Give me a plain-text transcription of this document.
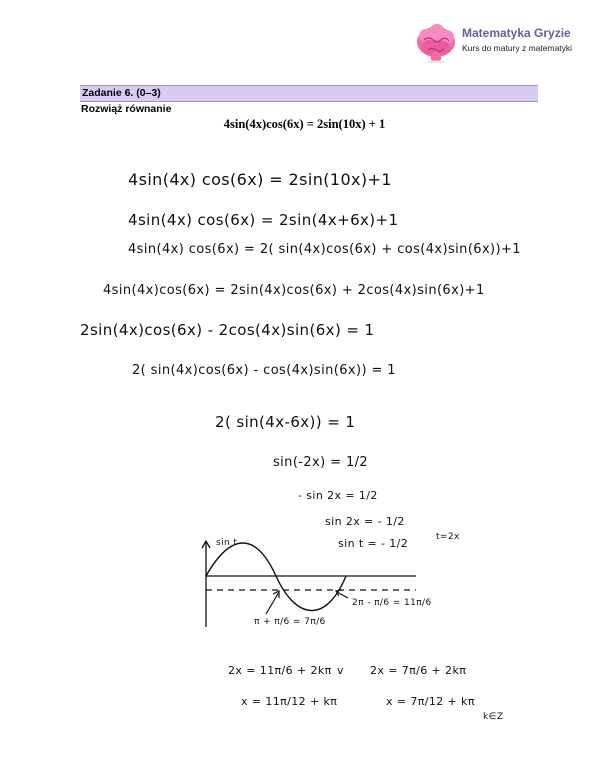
Matematyka Gryzie
Kurs do matury z matematyki
Zadanie 6. (0–3)
Rozwiąż równanie
4sin(4x)cos(6x) = 2sin(10x) + 1
4sin(4x) cos(6x) = 2sin(10x)+1
4sin(4x) cos(6x) = 2sin(4x+6x)+1
4sin(4x) cos(6x) = 2( sin(4x)cos(6x) + cos(4x)sin(6x))+1
4sin(4x)cos(6x) = 2sin(4x)cos(6x) + 2cos(4x)sin(6x)+1
2sin(4x)cos(6x) - 2cos(4x)sin(6x) = 1
2( sin(4x)cos(6x) - cos(4x)sin(6x)) = 1
2( sin(4x-6x)) = 1
sin(-2x) = 1/2
- sin 2x = 1/2
sin 2x = - 1/2
sin t = - 1/2	t=2x
sin t
π + π/6 = 7π/6
2π - π/6 = 11π/6
2x = 11π/6 + 2kπ v 2x = 7π/6 + 2kπ
x = 11π/12 + kπ	x = 7π/12 + kπ
k∈Z
